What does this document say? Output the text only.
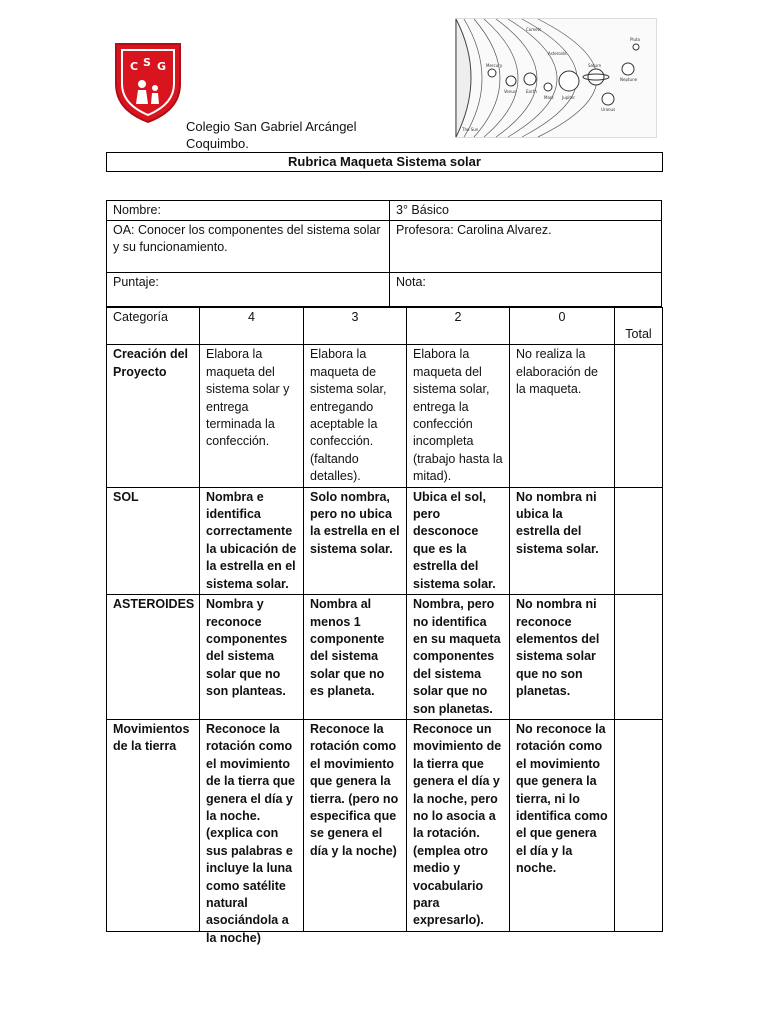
C S G
Colegio San Gabriel Arcángel
Coquimbo.
Comets
Asteroids
Mercury
Venus Earth
Mars Jupiter
Saturn
Uranus
Neptune
Pluto
The Sun
Rubrica Maqueta Sistema solar
Nombre:	3° Básico
OA: Conocer los componentes del sistema solar y su funcionamiento.	Profesora: Carolina Alvarez.
Puntaje:	Nota:
Categoría	4	3	2	0	Total
Creación del Proyecto	Elabora la maqueta del sistema solar y entrega terminada la confección.	Elabora la maqueta de sistema solar, entregando aceptable la confección. (faltando detalles).	Elabora la maqueta del sistema solar, entrega la confección incompleta (trabajo hasta la mitad).	No realiza la elaboración de la maqueta.	
SOL	Nombra e identifica correctamente la ubicación de la estrella en el sistema solar.	Solo nombra, pero no ubica la estrella en el sistema solar.	Ubica el sol, pero desconoce que es la estrella del sistema solar.	No nombra ni ubica la estrella del sistema solar.	
ASTEROIDES	Nombra y reconoce componentes del sistema solar que no son planteas.	Nombra al menos 1 componente del sistema solar que no es planeta.	Nombra, pero no identifica en su maqueta componentes del sistema solar que no son planetas.	No nombra ni reconoce elementos del sistema solar que no son planetas.	
Movimientos de la tierra	Reconoce la rotación como el movimiento de la tierra que genera el día y la noche. (explica con sus palabras e incluye la luna como satélite natural asociándola a la noche)	Reconoce la rotación como el movimiento que genera la tierra. (pero no especifica que se genera el día y la noche)	Reconoce un movimiento de la tierra que genera el día y la noche, pero no lo asocia a la rotación. (emplea otro medio y vocabulario para expresarlo).	No reconoce la rotación como el movimiento que genera la tierra, ni lo identifica como el que genera el día y la noche.	
